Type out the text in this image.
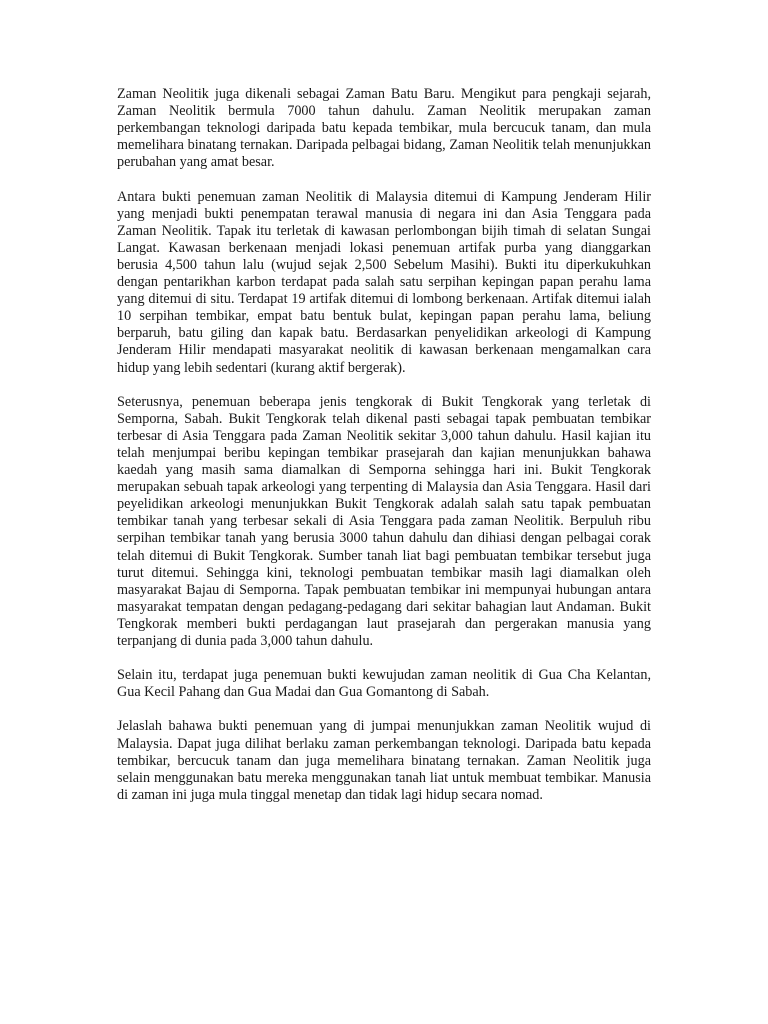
Zaman Neolitik juga dikenali sebagai Zaman Batu Baru. Mengikut para pengkaji sejarah, Zaman Neolitik bermula 7000 tahun dahulu. Zaman Neolitik merupakan zaman perkembangan teknologi daripada batu kepada tembikar, mula bercucuk tanam, dan mula memelihara binatang ternakan. Daripada pelbagai bidang, Zaman Neolitik telah menunjukkan perubahan yang amat besar.

Antara bukti penemuan zaman Neolitik di Malaysia ditemui di Kampung Jenderam Hilir yang menjadi bukti penempatan terawal manusia di negara ini dan Asia Tenggara pada Zaman Neolitik. Tapak itu terletak di kawasan perlombongan bijih timah di selatan Sungai Langat. Kawasan berkenaan menjadi lokasi penemuan artifak purba yang dianggarkan berusia 4,500 tahun lalu (wujud sejak 2,500 Sebelum Masihi). Bukti itu diperkukuhkan dengan pentarikhan karbon terdapat pada salah satu serpihan kepingan papan perahu lama yang ditemui di situ. Terdapat 19 artifak ditemui di lombong berkenaan. Artifak ditemui ialah 10 serpihan tembikar, empat batu bentuk bulat, kepingan papan perahu lama, beliung berparuh, batu giling dan kapak batu. Berdasarkan penyelidikan arkeologi di Kampung Jenderam Hilir mendapati masyarakat neolitik di kawasan berkenaan mengamalkan cara hidup yang lebih sedentari (kurang aktif bergerak).

Seterusnya, penemuan beberapa jenis tengkorak di Bukit Tengkorak yang terletak di Semporna, Sabah. Bukit Tengkorak telah dikenal pasti sebagai tapak pembuatan tembikar terbesar di Asia Tenggara pada Zaman Neolitik sekitar 3,000 tahun dahulu. Hasil kajian itu telah menjumpai beribu kepingan tembikar prasejarah dan kajian menunjukkan bahawa kaedah yang masih sama diamalkan di Semporna sehingga hari ini. Bukit Tengkorak merupakan sebuah tapak arkeologi yang terpenting di Malaysia dan Asia Tenggara. Hasil dari peyelidikan arkeologi menunjukkan Bukit Tengkorak adalah salah satu tapak pembuatan tembikar tanah yang terbesar sekali di Asia Tenggara pada zaman Neolitik. Berpuluh ribu serpihan tembikar tanah yang berusia 3000 tahun dahulu dan dihiasi dengan pelbagai corak telah ditemui di Bukit Tengkorak. Sumber tanah liat bagi pembuatan tembikar tersebut juga turut ditemui. Sehingga kini, teknologi pembuatan tembikar masih lagi diamalkan oleh masyarakat Bajau di Semporna. Tapak pembuatan tembikar ini mempunyai hubungan antara masyarakat tempatan dengan pedagang-pedagang dari sekitar bahagian laut Andaman. Bukit Tengkorak memberi bukti perdagangan laut prasejarah dan pergerakan manusia yang terpanjang di dunia pada 3,000 tahun dahulu.

Selain itu, terdapat juga penemuan bukti kewujudan zaman neolitik di Gua Cha Kelantan, Gua Kecil Pahang dan Gua Madai dan Gua Gomantong di Sabah.

Jelaslah bahawa bukti penemuan yang di jumpai menunjukkan zaman Neolitik wujud di Malaysia. Dapat juga dilihat berlaku zaman perkembangan teknologi. Daripada batu kepada tembikar, bercucuk tanam dan juga memelihara binatang ternakan. Zaman Neolitik juga selain menggunakan batu mereka menggunakan tanah liat untuk membuat tembikar. Manusia di zaman ini juga mula tinggal menetap dan tidak lagi hidup secara nomad.
